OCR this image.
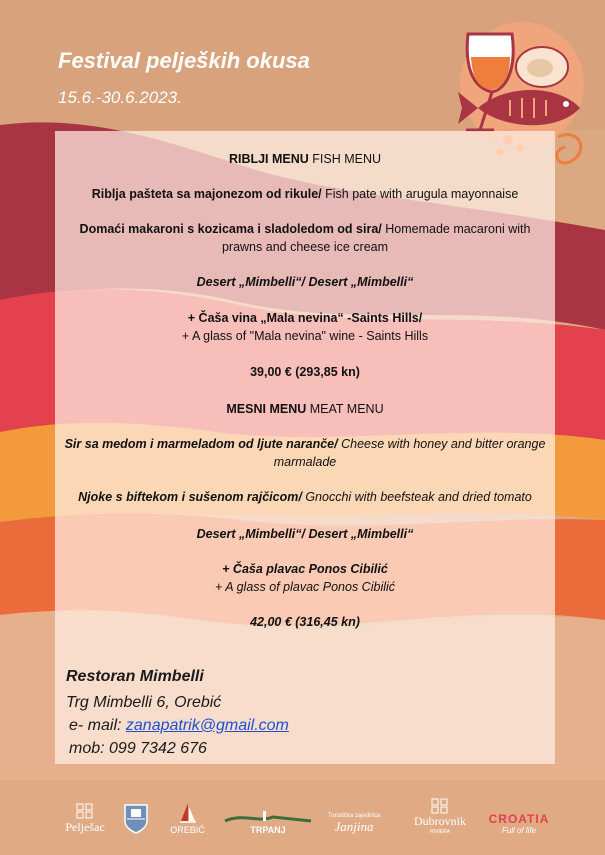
Festival peljeških okusa
15.6.-30.6.2023.
RIBLJI MENU FISH MENU
Riblja pašteta sa majonezom od rikule/ Fish pate with arugula mayonnaise
Domaći makaroni s kozicama i sladoledom od sira/ Homemade macaroni with
prawns and cheese ice cream
Desert „Mimbelli“/ Desert „Mimbelli“
+ Čaša vina „Mala nevina“ -Saints Hills/
+ A glass of "Mala nevina" wine - Saints Hills
39,00 € (293,85 kn)
MESNI MENU MEAT MENU
Sir sa medom i marmeladom od ljute naranče/ Cheese with honey and bitter orange
marmalade
Njoke s biftekom i sušenom rajčicom/ Gnocchi with beefsteak and dried tomato
Desert „Mimbelli“/ Desert „Mimbelli“
+ Čaša plavac Ponos Cibilić
+ A glass of plavac Ponos Cibilić
42,00 € (316,45 kn)
Restoran Mimbelli
Trg Mimbelli 6, Orebić
e- mail: zanapatrik@gmail.com
mob: 099 7342 676
Pelješac	OREBIĆ	TRPANJ
Turistička zajednica
Janjina	Dubrovnik
RIVIERA
CROATIA
Full of life
